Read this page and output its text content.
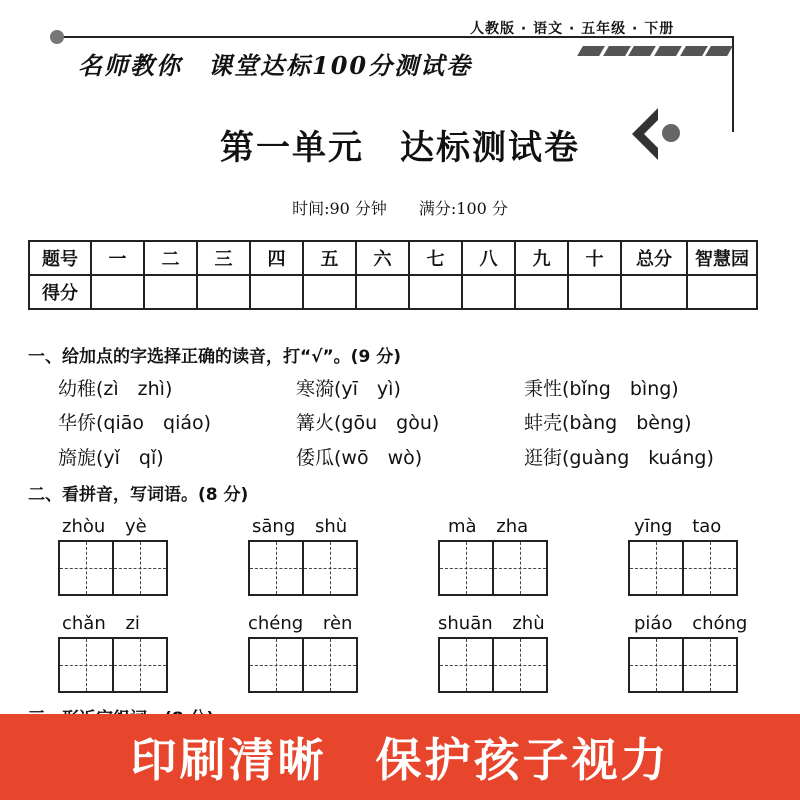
人教版 · 语文 · 五年级 · 下册
名师教你　课堂达标100分测试卷
第一单元　达标测试卷
时间:90 分钟　　满分:100 分
题号	一	二	三	四	五	六	七	八	九	十	总分	智慧园
得分												
一、给加点的字选择正确的读音，打“√”。(9 分)
幼稚(zì　zhì)	寒漪(yī　yì)	秉性(bǐng　bìng)
华侨(qiāo　qiáo)	篝火(gōu　gòu)	蚌壳(bàng　bèng)
旖旎(yǐ　qǐ)	倭瓜(wō　wò)	逛街(guàng　kuáng)
二、看拼音，写词语。(8 分)
zhòu yè	sāng shù	mà zha	yīng tao
chǎn zi	chéng rèn	shuān zhù	piáo chóng
印刷清晰　保护孩子视力
